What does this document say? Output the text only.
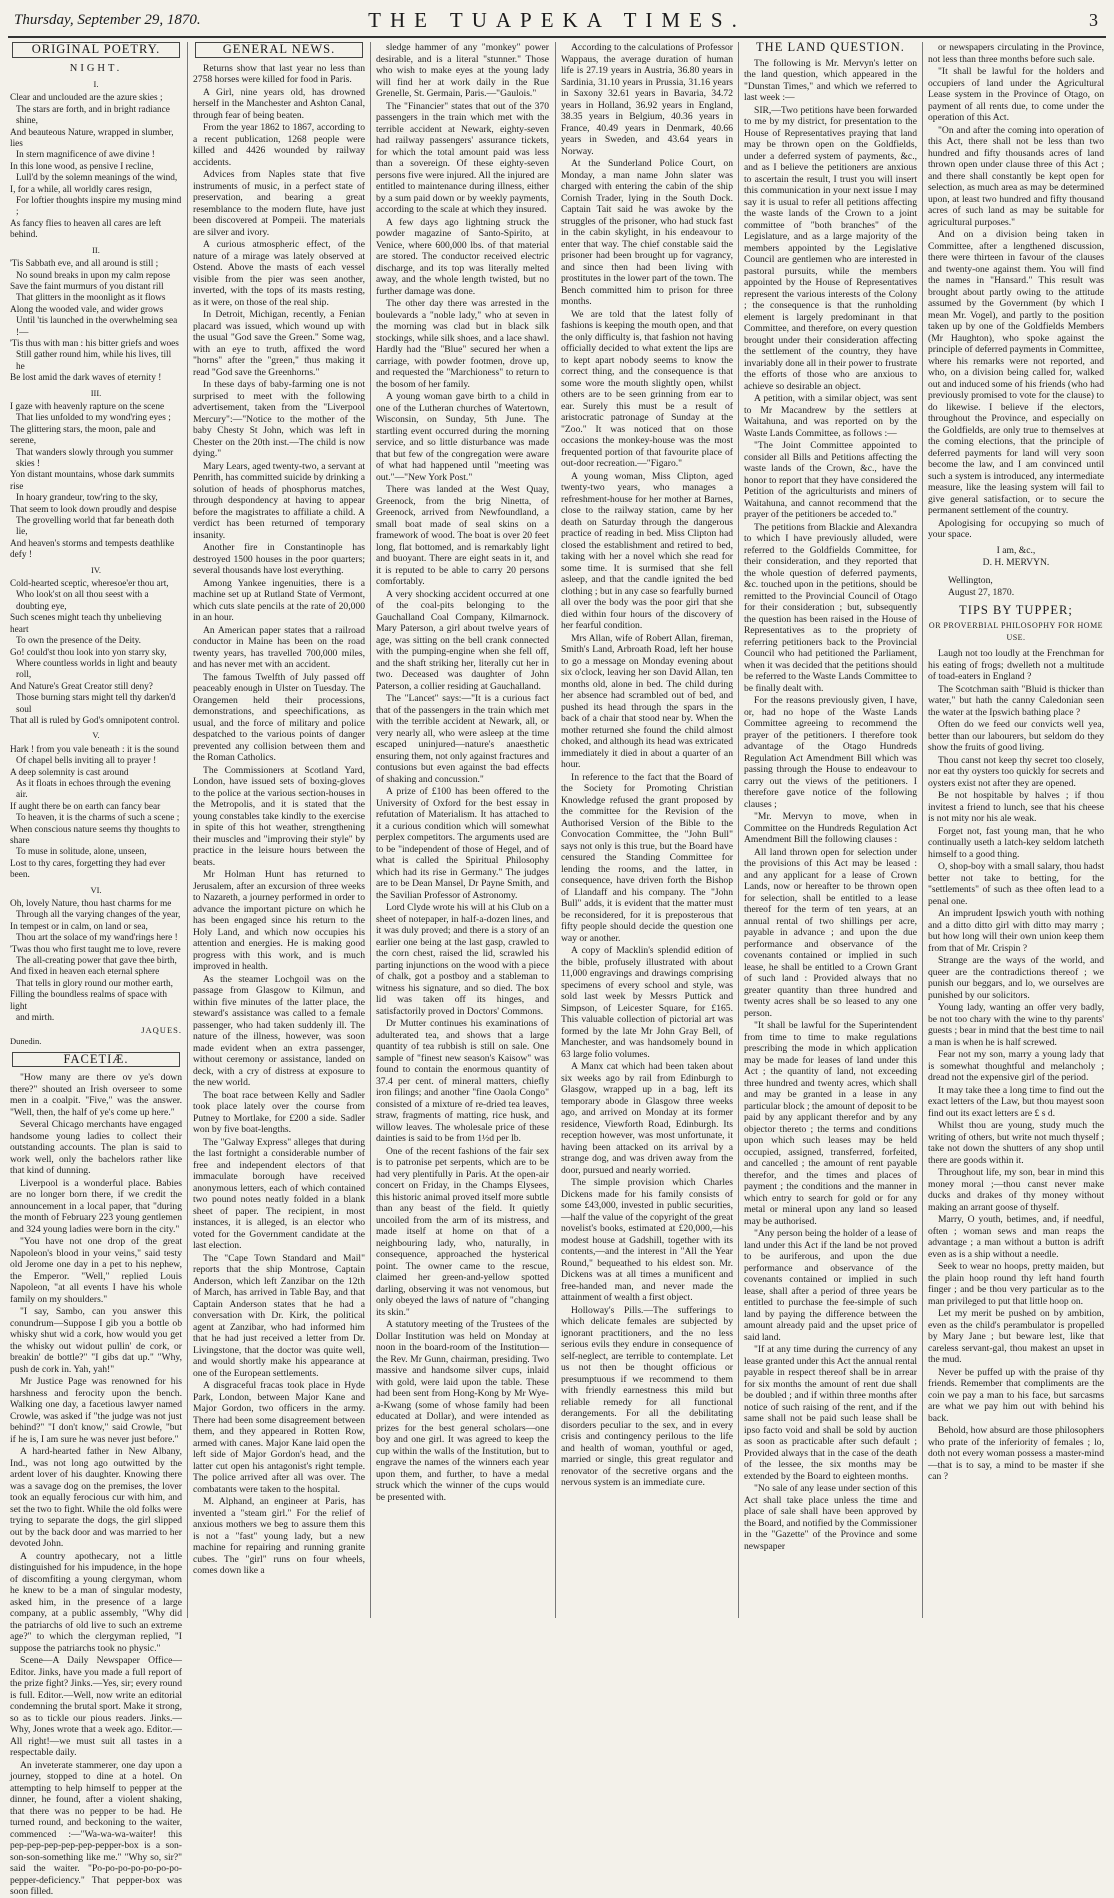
Thursday, September 29, 1870.	THE TUAPEKA TIMES.	3
ORIGINAL POETRY.
NIGHT.
I.
Clear and unclouded are the azure skies ;
The stars are forth, and in bright radiance shine,
And beauteous Nature, wrapped in slumber, lies
In stern magnificence of awe divine !
In this lone wood, as pensive I recline,
Lull'd by the solemn meanings of the wind,
I, for a while, all worldly cares resign,
For loftier thoughts inspire my musing mind ;
As fancy flies to heaven all cares are left behind.
II.
'Tis Sabbath eve, and all around is still ;
No sound breaks in upon my calm repose
Save the faint murmurs of you distant rill
That glitters in the moonlight as it flows
Along the wooded vale, and wider grows
Until 'tis launched in the overwhelming sea !—
'Tis thus with man : his bitter griefs and woes
Still gather round him, while his lives, till he
Be lost amid the dark waves of eternity !
III.
I gaze with heavenly rapture on the scene
That lies unfolded to my wond'ring eyes ;
The glittering stars, the moon, pale and serene,
That wanders slowly through you summer skies !
Yon distant mountains, whose dark summits rise
In hoary grandeur, tow'ring to the sky,
That seem to look down proudly and despise
The grovelling world that far beneath doth lie,
And heaven's storms and tempests deathlike defy !
IV.
Cold-hearted sceptic, wheresoe'er thou art,
Who look'st on all thou seest with a doubting eye,
Such scenes might teach thy unbelieving heart
To own the presence of the Deity.
Go! could'st thou look into yon starry sky,
Where countless worlds in light and beauty roll,
And Nature's Great Creator still deny?
Those burning stars might tell thy darken'd soul
That all is ruled by God's omnipotent control.
V.
Hark ! from you vale beneath : it is the sound
Of chapel bells inviting all to prayer !
A deep solemnity is cast around
As it floats in echoes through the evening air.
If aught there be on earth can fancy bear
To heaven, it is the charms of such a scene ;
When conscious nature seems thy thoughts to share
To muse in solitude, alone, unseen,
Lost to thy cares, forgetting they had ever been.
VI.
Oh, lovely Nature, thou hast charms for me
Through all the varying changes of the year,
In tempest or in calm, on land or sea,
Thou art the solace of my wand'rings here !
'Twas thou who first taught me to love, revere
The all-creating power that gave thee birth,
And fixed in heaven each eternal sphere
That tells in glory round our mother earth,
Filling the boundless realms of space with light
and mirth.
JAQUES.
Dunedin.
FACETIÆ.

"How many are there ov ye's down there?" shouted an Irish overseer to some men in a coalpit. "Five," was the answer. "Well, then, the half of ye's come up here."

Several Chicago merchants have engaged handsome young ladies to collect their outstanding accounts. The plan is said to work well, only the bachelors rather like that kind of dunning.

Liverpool is a wonderful place. Babies are no longer born there, if we credit the announcement in a local paper, that "during the month of February 223 young gentlemen and 324 young ladies were born in the city."

"You have not one drop of the great Napoleon's blood in your veins," said testy old Jerome one day in a pet to his nephew, the Emperor. "Well," replied Louis Napoleon, "at all events I have his whole family on my shoulders."

"I say, Sambo, can you answer this conundrum—Suppose I gib you a bottle ob whisky shut wid a cork, how would you get the whisky out widout pullin' de cork, or breakin' de bottle?" "I gibs dat up." "Why, push de cork in. Yah, yah!"

Mr Justice Page was renowned for his harshness and ferocity upon the bench. Walking one day, a facetious lawyer named Crowle, was asked if "the judge was not just behind?" "I don't know," said Crowle, "but if he is, I am sure he was never just before."

A hard-hearted father in New Albany, Ind., was not long ago outwitted by the ardent lover of his daughter. Knowing there was a savage dog on the premises, the lover took an equally ferocious cur with him, and set the two to fight. While the old folks were trying to separate the dogs, the girl slipped out by the back door and was married to her devoted John.

A country apothecary, not a little distinguished for his impudence, in the hope of discomfiting a young clergyman, whom he knew to be a man of singular modesty, asked him, in the presence of a large company, at a public assembly, "Why did the patriarchs of old live to such an extreme age?" to which the clergyman replied, "I suppose the patriarchs took no physic."

Scene—A Daily Newspaper Office—Editor. Jinks, have you made a full report of the prize fight? Jinks.—Yes, sir; every round is full. Editor.—Well, now write an editorial condemning the brutal sport. Make it strong, so as to tickle our pious readers. Jinks.—Why, Jones wrote that a week ago. Editor.—All right!—we must suit all tastes in a respectable daily.

An inveterate stammerer, one day upon a journey, stopped to dine at a hotel. On attempting to help himself to pepper at the dinner, he found, after a violent shaking, that there was no pepper to be had. He turned round, and beckoning to the waiter, commenced :—"Wa-wa-wa-waiter! this pep-pep-pep-pep-pep-pepper-box is a son-son-son-something like me." "Why so, sir?" said the waiter. "Po-po-po-po-po-po-po-pepper-deficiency." That pepper-box was soon filled.

GENERAL NEWS.

Returns show that last year no less than 2758 horses were killed for food in Paris.

A Girl, nine years old, has drowned herself in the Manchester and Ashton Canal, through fear of being beaten.

From the year 1862 to 1867, according to a recent publication, 1268 people were killed and 4426 wounded by railway accidents.

Advices from Naples state that five instruments of music, in a perfect state of preservation, and bearing a great resemblance to the modern flute, have just been discovered at Pompeii. The materials are silver and ivory.

A curious atmospheric effect, of the nature of a mirage was lately observed at Ostend. Above the masts of each vessel visible from the pier was seen another, inverted, with the tops of its masts resting, as it were, on those of the real ship.

In Detroit, Michigan, recently, a Fenian placard was issued, which wound up with the usual "God save the Green." Some wag, with an eye to truth, affixed the word "horns" after the "green," thus making it read "God save the Greenhorns."

In these days of baby-farming one is not surprised to meet with the following advertisement, taken from the "Liverpool Mercury":—"Notice to the mother of the baby Chesty St John, which was left in Chester on the 20th inst.—The child is now dying."

Mary Lears, aged twenty-two, a servant at Penrith, has committed suicide by drinking a solution of heads of phosphorus matches, through despondency at having to appear before the magistrates to affiliate a child. A verdict has been returned of temporary insanity.

Another fire in Constantinople has destroyed 1500 houses in the poor quarters; several thousands have lost everything.

Among Yankee ingenuities, there is a machine set up at Rutland State of Vermont, which cuts slate pencils at the rate of 20,000 in an hour.

An American paper states that a railroad conductor in Maine has been on the road twenty years, has travelled 700,000 miles, and has never met with an accident.

The famous Twelfth of July passed off peaceably enough in Ulster on Tuesday. The Orangemen held their processions, demonstrations, and speechifications, as usual, and the force of military and police despatched to the various points of danger prevented any collision between them and the Roman Catholics.

The Commissioners at Scotland Yard, London, have issued sets of boxing-gloves to the police at the various section-houses in the Metropolis, and it is stated that the young constables take kindly to the exercise in spite of this hot weather, strengthening their muscles and "improving their style" by practice in the leisure hours between the beats.

Mr Holman Hunt has returned to Jerusalem, after an excursion of three weeks to Nazareth, a journey performed in order to advance the important picture on which he has been engaged since his return to the Holy Land, and which now occupies his attention and energies. He is making good progress with this work, and is much improved in health.

As the steamer Lochgoil was on the passage from Glasgow to Kilmun, and within five minutes of the latter place, the steward's assistance was called to a female passenger, who had taken suddenly ill. The nature of the illness, however, was soon made evident when an extra passenger, without ceremony or assistance, landed on deck, with a cry of distress at exposure to the new world.

The boat race between Kelly and Sadler took place lately over the course from Putney to Mortlake, for £200 a side. Sadler won by five boat-lengths.

The "Galway Express" alleges that during the last fortnight a considerable number of free and independent electors of that immaculate borough have received anonymous letters, each of which contained two pound notes neatly folded in a blank sheet of paper. The recipient, in most instances, it is alleged, is an elector who voted for the Government candidate at the last election.

The "Cape Town Standard and Mail" reports that the ship Montrose, Captain Anderson, which left Zanzibar on the 12th of March, has arrived in Table Bay, and that Captain Anderson states that he had a conversation with Dr. Kirk, the political agent at Zanzibar, who had informed him that he had just received a letter from Dr. Livingstone, that the doctor was quite well, and would shortly make his appearance at one of the European settlements.

A disgraceful fracas took place in Hyde Park, London, between Major Kane and Major Gordon, two officers in the army. There had been some disagreement between them, and they appeared in Rotten Row, armed with canes. Major Kane laid open the left side of Major Gordon's head, and the latter cut open his antagonist's right temple. The police arrived after all was over. The combatants were taken to the hospital.

M. Alphand, an engineer at Paris, has invented a "steam girl." For the relief of anxious mothers we beg to assure them this is not a "fast" young lady, but a new machine for repairing and running granite cubes. The "girl" runs on four wheels, comes down like a

sledge hammer of any "monkey" power desirable, and is a literal "stunner." Those who wish to make eyes at the young lady will find her at work daily in the Rue Grenelle, St. Germain, Paris.—"Gaulois."

The "Financier" states that out of the 370 passengers in the train which met with the terrible accident at Newark, eighty-seven had railway passengers' assurance tickets, for which the total amount paid was less than a sovereign. Of these eighty-seven persons five were injured. All the injured are entitled to maintenance during illness, either by a sum paid down or by weekly payments, according to the scale at which they insured.

A few days ago lightning struck the powder magazine of Santo-Spirito, at Venice, where 600,000 lbs. of that material are stored. The conductor received electric discharge, and its top was literally melted away, and the whole length twisted, but no further damage was done.

The other day there was arrested in the boulevards a "noble lady," who at seven in the morning was clad but in black silk stockings, while silk shoes, and a lace shawl. Hardly had the "Blue" secured her when a carriage, with powder footmen, drove up, and requested the "Marchioness" to return to the bosom of her family.

A young woman gave birth to a child in one of the Lutheran churches of Watertown, Wisconsin, on Sunday, 5th June. The startling event occurred during the morning service, and so little disturbance was made that but few of the congregation were aware of what had happened until "meeting was out."—"New York Post."

There was landed at the West Quay, Greenock, from the brig Ninetta, of Greenock, arrived from Newfoundland, a small boat made of seal skins on a framework of wood. The boat is over 20 feet long, flat bottomed, and is remarkably light and buoyant. There are eight seats in it, and it is reputed to be able to carry 20 persons comfortably.

A very shocking accident occurred at one of the coal-pits belonging to the Gauchalland Coal Company, Kilmarnock. Mary Paterson, a girl about twelve years of age, was sitting on the bell crank connected with the pumping-engine when she fell off, and the shaft striking her, literally cut her in two. Deceased was daughter of John Paterson, a collier residing at Gauchalland.

The "Lancet" says:—"It is a curious fact that of the passengers in the train which met with the terrible accident at Newark, all, or very nearly all, who were asleep at the time escaped uninjured—nature's anaesthetic ensuring them, not only against fractures and contusions but even against the bad effects of shaking and concussion."

A prize of £100 has been offered to the University of Oxford for the best essay in refutation of Materialism. It has attached to it a curious condition which will somewhat perplex competitors. The arguments used are to be "independent of those of Hegel, and of what is called the Spiritual Philosophy which had its rise in Germany." The judges are to be Dean Mansel, Dr Payne Smith, and the Savilian Professor of Astronomy.

Lord Clyde wrote his will at his Club on a sheet of notepaper, in half-a-dozen lines, and it was duly proved; and there is a story of an earlier one being at the last gasp, crawled to the corn chest, raised the lid, scrawled his parting injunctions on the wood with a piece of chalk, got a postboy and a stableman to witness his signature, and so died. The box lid was taken off its hinges, and satisfactorily proved in Doctors' Commons.

Dr Mutter continues his examinations of adulterated tea, and shows that a large quantity of tea rubbish is still on sale. One sample of "finest new season's Kaisow" was found to contain the enormous quantity of 37.4 per cent. of mineral matters, chiefly iron filings; and another "fine Oaola Congo" consisted of a mixture of re-dried tea leaves, straw, fragments of matting, rice husk, and willow leaves. The wholesale price of these dainties is said to be from 1½d per lb.

One of the recent fashions of the fair sex is to patronise pet serpents, which are to be had very plentifully in Paris. At the open-air concert on Friday, in the Champs Elysees, this historic animal proved itself more subtle than any beast of the field. It quietly uncoiled from the arm of its mistress, and made itself at home on that of a neighbouring lady, who, naturally, in consequence, approached the hysterical point. The owner came to the rescue, claimed her green-and-yellow spotted darling, observing it was not venomous, but only obeyed the laws of nature of "changing its skin."

A statutory meeting of the Trustees of the Dollar Institution was held on Monday at noon in the board-room of the Institution—the Rev. Mr Gunn, chairman, presiding. Two massive and handsome silver cups, inlaid with gold, were laid upon the table. These had been sent from Hong-Kong by Mr Wye-a-Kwang (some of whose family had been educated at Dollar), and were intended as prizes for the best general scholars—one boy and one girl. It was agreed to keep the cup within the walls of the Institution, but to engrave the names of the winners each year upon them, and further, to have a medal struck which the winner of the cups would be presented with.

According to the calculations of Professor Wappaus, the average duration of human life is 27.19 years in Austria, 36.80 years in Sardinia, 31.10 years in Prussia, 31.16 years in Saxony 32.61 years in Bavaria, 34.72 years in Holland, 36.92 years in England, 38.35 years in Belgium, 40.36 years in France, 40.49 years in Denmark, 40.66 years in Sweden, and 43.64 years in Norway.

At the Sunderland Police Court, on Monday, a man name John slater was charged with entering the cabin of the ship Cornish Trader, lying in the South Dock. Captain Tait said he was awoke by the struggles of the prisoner, who had stuck fast in the cabin skylight, in his endeavour to enter that way. The chief constable said the prisoner had been brought up for vagrancy, and since then had been living with prostitutes in the lower part of the town. The Bench committed him to prison for three months.

We are told that the latest folly of fashions is keeping the mouth open, and that the only difficulty is, that fashion not having officially decided to what extent the lips are to kept apart nobody seems to know the correct thing, and the consequence is that some wore the mouth slightly open, whilst others are to be seen grinning from ear to ear. Surely this must be a result of aristocratic patronage of Sunday at the "Zoo." It was noticed that on those occasions the monkey-house was the most frequented portion of that favourite place of out-door recreation.—"Figaro."

A young woman, Miss Clipton, aged twenty-two years, who manages a refreshment-house for her mother at Barnes, close to the railway station, came by her death on Saturday through the dangerous practice of reading in bed. Miss Clipton had closed the establishment and retired to bed, taking with her a novel which she read for some time. It is surmised that she fell asleep, and that the candle ignited the bed clothing ; but in any case so fearfully burned all over the body was the poor girl that she died within four hours of the discovery of her fearful condition.

Mrs Allan, wife of Robert Allan, fireman, Smith's Land, Arbroath Road, left her house to go a message on Monday evening about six o'clock, leaving her son David Allan, ten months old, alone in bed. The child during her absence had scrambled out of bed, and pushed its head through the spars in the back of a chair that stood near by. When the mother returned she found the child almost choked, and although its head was extricated immediately it died in about a quarter of an hour.

In reference to the fact that the Board of the Society for Promoting Christian Knowledge refused the grant proposed by the committee for the Revision of the Authorised Version of the Bible to the Convocation Committee, the "John Bull" says not only is this true, but the Board have censured the Standing Committee for lending the rooms, and the latter, in consequence, have driven forth the Bishop of Llandaff and his company. The "John Bull" adds, it is evident that the matter must be reconsidered, for it is preposterous that fifty people should decide the question one way or another.

A copy of Macklin's splendid edition of the bible, profusely illustrated with about 11,000 engravings and drawings comprising specimens of every school and style, was sold last week by Messrs Puttick and Simpson, of Leicester Square, for £165. This valuable collection of pictorial art was formed by the late Mr John Gray Bell, of Manchester, and was handsomely bound in 63 large folio volumes.

A Manx cat which had been taken about six weeks ago by rail from Edinburgh to Glasgow, wrapped up in a bag, left its temporary abode in Glasgow three weeks ago, and arrived on Monday at its former residence, Viewforth Road, Edinburgh. Its reception however, was most unfortunate, it having been attacked on its arrival by a strange dog, and was driven away from the door, pursued and nearly worried.

The simple provision which Charles Dickens made for his family consists of some £43,000, invested in public securities,—half the value of the copyright of the great novelist's books, estimated at £20,000,—his modest house at Gadshill, together with its contents,—and the interest in "All the Year Round," bequeathed to his eldest son. Mr. Dickens was at all times a munificent and free-handed man, and never made the attainment of wealth a first object.

Holloway's Pills.—The sufferings to which delicate females are subjected by ignorant practitioners, and the no less serious evils they endure in consequence of self-neglect, are terrible to contemplate. Let us not then be thought officious or presumptuous if we recommend to them with friendly earnestness this mild but reliable remedy for all functional derangements. For all the debilitating disorders peculiar to the sex, and in every crisis and contingency perilous to the life and health of woman, youthful or aged, married or single, this great regulator and renovator of the secretive organs and the nervous system is an immediate cure.

THE LAND QUESTION.

The following is Mr. Mervyn's letter on the land question, which appeared in the "Dunstan Times," and which we referred to last week :—

SIR,—Two petitions have been forwarded to me by my district, for presentation to the House of Representatives praying that land may be thrown open on the Goldfields, under a deferred system of payments, &c., and as I believe the petitioners are anxious to ascertain the result, I trust you will insert this communication in your next issue I may say it is usual to refer all petitions affecting the waste lands of the Crown to a joint committee of "both branches" of the Legislature, and as a large majority of the members appointed by the Legislative Council are gentlemen who are interested in pastoral pursuits, while the members appointed by the House of Representatives represent the various interests of the Colony ; the consequence is that the runholding element is largely predominant in that Committee, and therefore, on every question brought under their consideration affecting the settlement of the country, they have invariably done all in their power to frustrate the efforts of those who are anxious to achieve so desirable an object.

A petition, with a similar object, was sent to Mr Macandrew by the settlers at Waitahuna, and was reported on by the Waste Lands Committee, as follows :—

"The Joint Committee appointed to consider all Bills and Petitions affecting the waste lands of the Crown, &c., have the honor to report that they have considered the Petition of the agriculturists and miners of Waitahuna, and cannot recommend that the prayer of the petitioners be acceded to."

The petitions from Blackie and Alexandra to which I have previously alluded, were referred to the Goldfields Committee, for their consideration, and they reported that the whole question of deferred payments, &c. touched upon in the petitions, should be remitted to the Provincial Council of Otago for their consideration ; but, subsequently the question has been raised in the House of Representatives as to the propriety of referring petitioners back to the Provincial Council who had petitioned the Parliament, when it was decided that the petitions should be referred to the Waste Lands Committee to be finally dealt with.

For the reasons previously given, I have, or, had no hope of the Waste Lands Committee agreeing to recommend the prayer of the petitioners. I therefore took advantage of the Otago Hundreds Regulation Act Amendment Bill which was passing through the House to endeavour to carry out the views of the petitioners. I therefore gave notice of the following clauses ;

"Mr. Mervyn to move, when in Committee on the Hundreds Regulation Act Amendment Bill the following clauses :

All land thrown open for selection under the provisions of this Act may be leased : and any applicant for a lease of Crown Lands, now or hereafter to be thrown open for selection, shall be entitled to a lease thereof for the term of ten years, at an annual rental of two shillings per acre, payable in advance ; and upon the due performance and observance of the covenants contained or implied in such lease, he shall be entitled to a Crown Grant of such land : Provided always that no greater quantity than three hundred and twenty acres shall be so leased to any one person.

"It shall be lawful for the Superintendent from time to time to make regulations prescribing the mode in which application may be made for leases of land under this Act ; the quantity of land, not exceeding three hundred and twenty acres, which shall and may be granted in a lease in any particular block ; the amount of deposit to be paid by any applicant therefor and by any objector thereto ; the terms and conditions upon which such leases may be held occupied, assigned, transferred, forfeited, and cancelled ; the amount of rent payable therefor, and the times and places of payment ; the conditions and the manner in which entry to search for gold or for any metal or mineral upon any land so leased may be authorised.

"Any person being the holder of a lease of land under this Act if the land be not proved to be auriferous, and upon the due performance and observance of the covenants contained or implied in such lease, shall after a period of three years be entitled to purchase the fee-simple of such land by paying the difference between the amount already paid and the upset price of said land.

"If at any time during the currency of any lease granted under this Act the annual rental payable in respect thereof shall be in arrear for six months the amount of rent due shall be doubled ; and if within three months after notice of such raising of the rent, and if the same shall not be paid such lease shall be ipso facto void and shall be sold by auction as soon as practicable after such default ; Provided always that in the case of the death of the lessee, the six months may be extended by the Board to eighteen months.

"No sale of any lease under section of this Act shall take place unless the time and place of sale shall have been approved by the Board, and notified by the Commissioner in the "Gazette" of the Province and some newspaper

or newspapers circulating in the Province, not less than three months before such sale.

"It shall be lawful for the holders and occupiers of land under the Agricultural Lease system in the Province of Otago, on payment of all rents due, to come under the operation of this Act.

"On and after the coming into operation of this Act, there shall not be less than two hundred and fifty thousands acres of land thrown open under clause three of this Act ; and there shall constantly be kept open for selection, as much area as may be determined upon, at least two hundred and fifty thousand acres of such land as may be suitable for agricultural purposes."

And on a division being taken in Committee, after a lengthened discussion, there were thirteen in favour of the clauses and twenty-one against them. You will find the names in "Hansard." This result was brought about partly owing to the attitude assumed by the Government (by which I mean Mr. Vogel), and partly to the position taken up by one of the Goldfields Members (Mr Haughton), who spoke against the principle of deferred payments in Committee, where his remarks were not reported, and who, on a division being called for, walked out and induced some of his friends (who had previously promised to vote for the clause) to do likewise. I believe if the electors, throughout the Province, and especially on the Goldfields, are only true to themselves at the coming elections, that the principle of deferred payments for land will very soon become the law, and I am convinced until such a system is introduced, any intermediate measure, like the leasing system will fail to give general satisfaction, or to secure the permanent settlement of the country.

Apologising for occupying so much of your space.

I am, &c.,
D. H. MERVYN.
Wellington,
August 27, 1870.
TIPS BY TUPPER;
OR PROVERBIAL PHILOSOPHY FOR HOME USE.

Laugh not too loudly at the Frenchman for his eating of frogs; dwelleth not a multitude of toad-eaters in England ?

The Scotchman saith "Bluid is thicker than water," but hath the canny Caledonian seen the water at the Ipswich bathing place ?

Often do we feed our convicts well yea, better than our labourers, but seldom do they show the fruits of good living.

Thou canst not keep thy secret too closely, nor eat thy oysters too quickly for secrets and oysters exist not after they are opened.

Be not hospitable by halves ; if thou invitest a friend to lunch, see that his cheese is not mity nor his ale weak.

Forget not, fast young man, that he who continually useth a latch-key seldom latcheth himself to a good thing.

O, shop-boy with a small salary, thou hadst better not take to betting, for the "settlements" of such as thee often lead to a penal one.

An imprudent Ipswich youth with nothing and a ditto ditto girl with ditto may marry ; but how long will their own union keep them from that of Mr. Crispin ?

Strange are the ways of the world, and queer are the contradictions thereof ; we punish our beggars, and lo, we ourselves are punished by our solicitors.

Young lady, wanting an offer very badly, be not too chary with the wine to thy parents' guests ; bear in mind that the best time to nail a man is when he is half screwed.

Fear not my son, marry a young lady that is somewhat thoughtful and melancholy ; dread not the expensive girl of the period.

It may take thee a long time to find out the exact letters of the Law, but thou mayest soon find out its exact letters are £ s d.

Whilst thou are young, study much the writing of others, but write not much thyself ; take not down the shutters of any shop until there are goods within it.

Throughout life, my son, bear in mind this money moral ;—thou canst never make ducks and drakes of thy money without making an arrant goose of thyself.

Marry, O youth, betimes, and, if needful, often ; woman sews and man reaps the advantage ; a man without a button is adrift even as is a ship without a needle.

Seek to wear no hoops, pretty maiden, but the plain hoop round thy left hand fourth finger ; and be thou very particular as to the man privileged to put that little hoop on.

Let my merit be pushed on by ambition, even as the child's perambulator is propelled by Mary Jane ; but beware lest, like that careless servant-gal, thou makest an upset in the mud.

Never be puffed up with the praise of thy friends. Remember that compliments are the coin we pay a man to his face, but sarcasms are what we pay him out with behind his back.

Behold, how absurd are those philosophers who prate of the inferiority of females ; lo, doth not every woman possess a master-mind—that is to say, a mind to be master if she can ?
